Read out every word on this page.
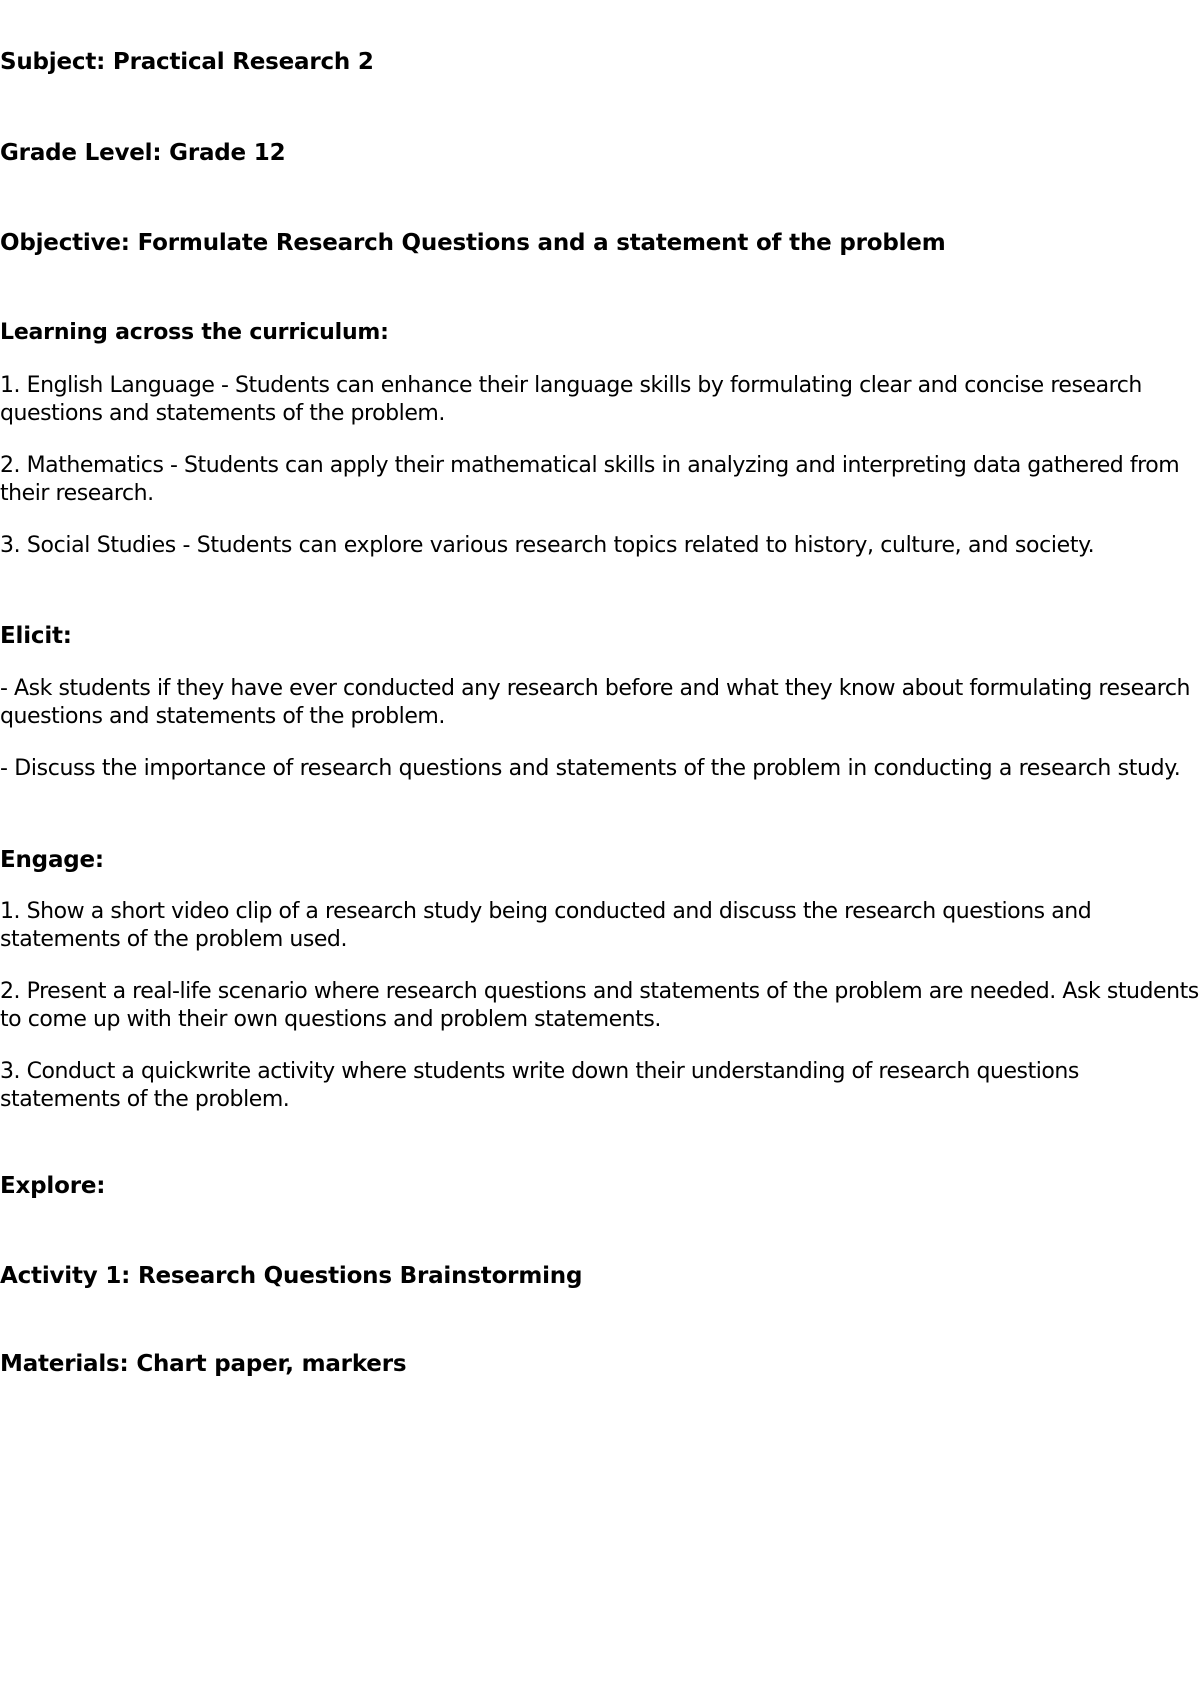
Subject: Practical Research 2

Grade Level: Grade 12

Objective: Formulate Research Questions and a statement of the problem

Learning across the curriculum:

1. English Language - Students can enhance their language skills by formulating clear and concise research questions and statements of the problem.

2. Mathematics - Students can apply their mathematical skills in analyzing and interpreting data gathered from their research.

3. Social Studies - Students can explore various research topics related to history, culture, and society.

Elicit:

- Ask students if they have ever conducted any research before and what they know about formulating research questions and statements of the problem.

- Discuss the importance of research questions and statements of the problem in conducting a research study.

Engage:

1. Show a short video clip of a research study being conducted and discuss the research questions and statements of the problem used.

2. Present a real-life scenario where research questions and statements of the problem are needed. Ask students to come up with their own questions and problem statements.

3. Conduct a quickwrite activity where students write down their understanding of research questions statements of the problem.

Explore:

Activity 1: Research Questions Brainstorming

Materials: Chart paper, markers
